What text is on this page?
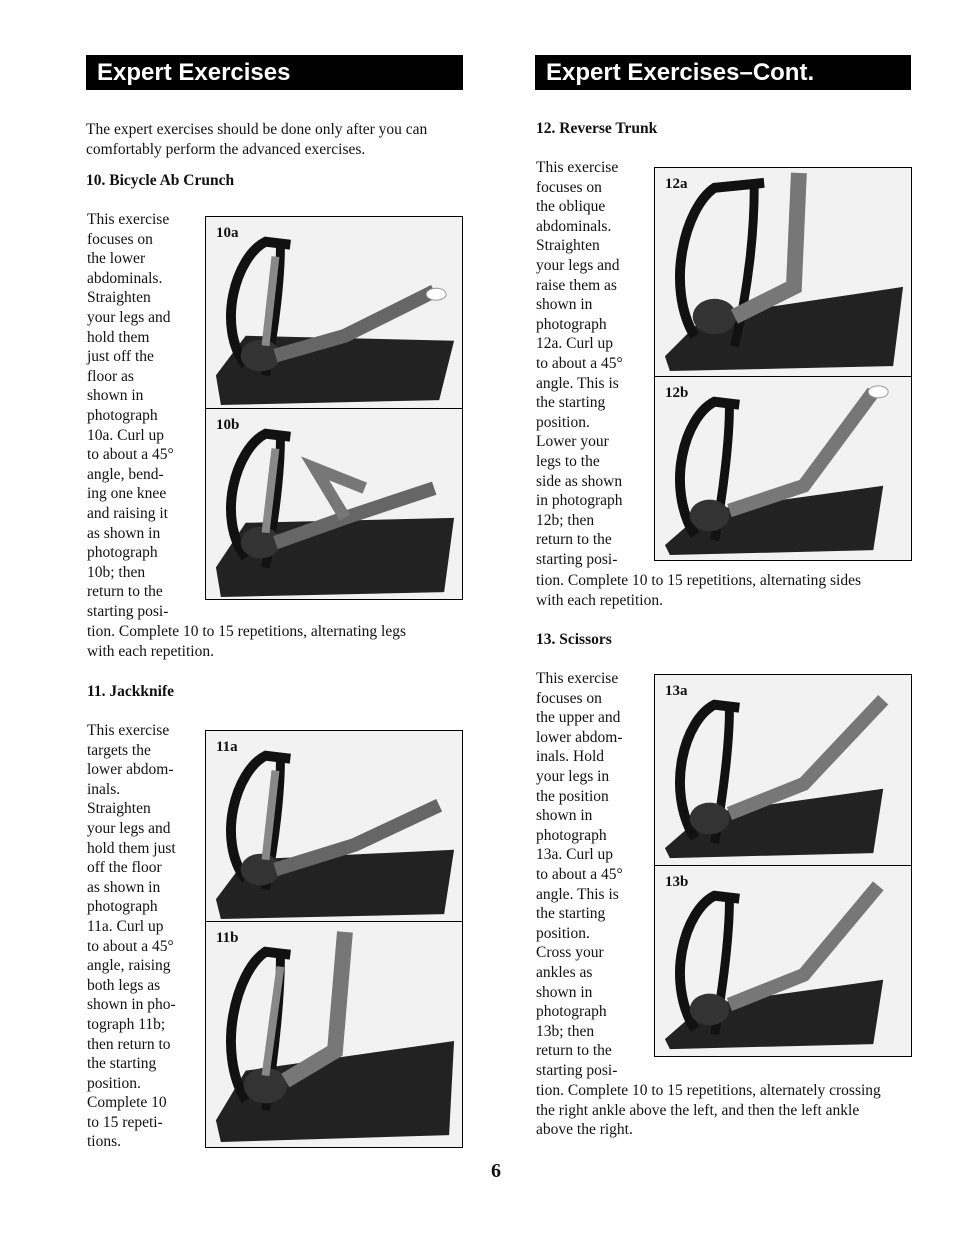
Expert Exercises
The expert exercises should be done only after you can
comfortably perform the advanced exercises.
10. Bicycle Ab Crunch
This exercise
focuses on
the lower
abdominals.
Straighten
your legs and
hold them
just off the
floor as
shown in
photograph
10a. Curl up
to about a 45°
angle, bend-
ing one knee
and raising it
as shown in
photograph
10b; then
return to the
starting posi-
tion. Complete 10 to 15 repetitions, alternating legs
with each repetition.
10a
10b
11. Jackknife
This exercise
targets the
lower abdom-
inals.
Straighten
your legs and
hold them just
off the floor
as shown in
photograph
11a. Curl up
to about a 45°
angle, raising
both legs as
shown in pho-
tograph 11b;
then return to
the starting
position.
Complete 10
to 15 repeti-
tions.
11a
11b
Expert Exercises–Cont.
12. Reverse Trunk
This exercise
focuses on
the oblique
abdominals.
Straighten
your legs and
raise them as
shown in
photograph
12a. Curl up
to about a 45°
angle. This is
the starting
position.
Lower your
legs to the
side as shown
in photograph
12b; then
return to the
starting posi-
tion. Complete 10 to 15 repetitions, alternating sides
with each repetition.
12a
12b
13. Scissors
This exercise
focuses on
the upper and
lower abdom-
inals. Hold
your legs in
the position
shown in
photograph
13a. Curl up
to about a 45°
angle. This is
the starting
position.
Cross your
ankles as
shown in
photograph
13b; then
return to the
starting posi-
tion. Complete 10 to 15 repetitions, alternately crossing
the right ankle above the left, and then the left ankle
above the right.
13a
13b
6
